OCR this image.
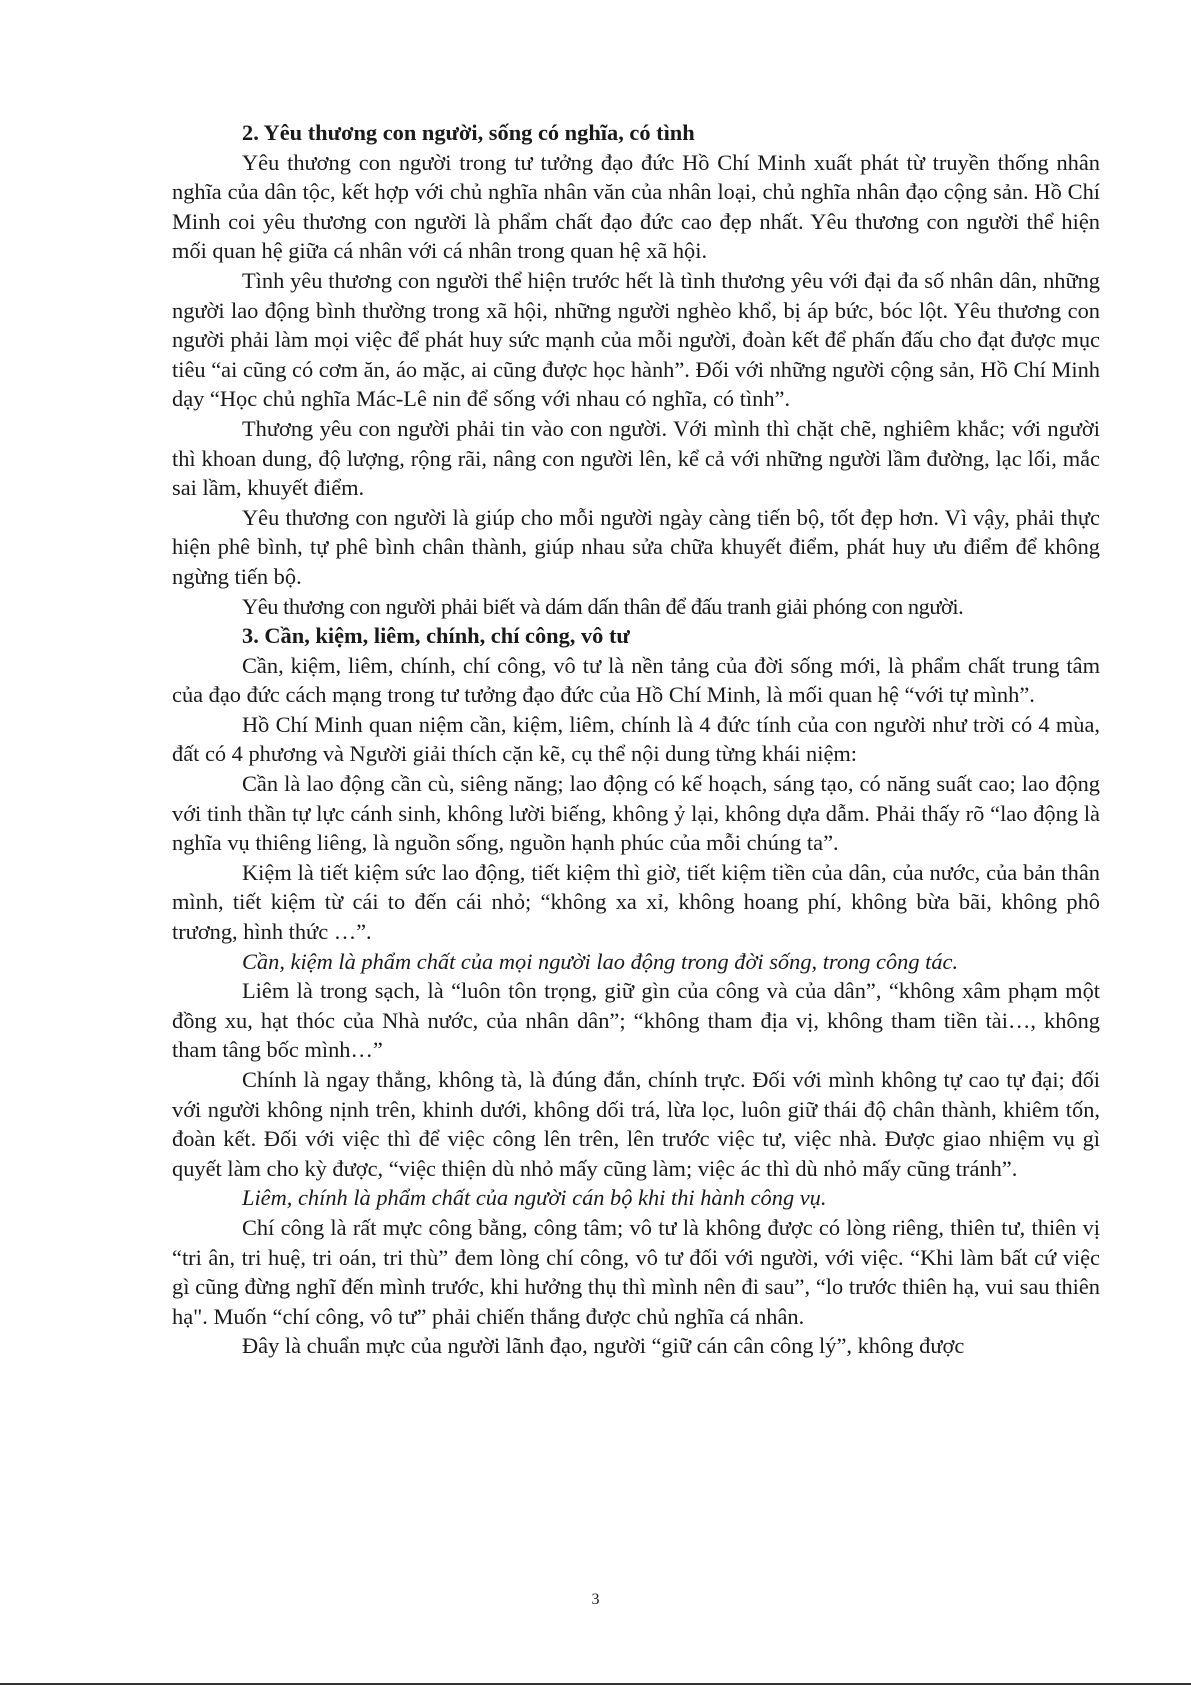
2. Yêu thương con người, sống có nghĩa, có tình

Yêu thương con người trong tư tưởng đạo đức Hồ Chí Minh xuất phát từ truyền thống nhân nghĩa của dân tộc, kết hợp với chủ nghĩa nhân văn của nhân loại, chủ nghĩa nhân đạo cộng sản. Hồ Chí Minh coi yêu thương con người là phẩm chất đạo đức cao đẹp nhất. Yêu thương con người thể hiện mối quan hệ giữa cá nhân với cá nhân trong quan hệ xã hội.

Tình yêu thương con người thể hiện trước hết là tình thương yêu với đại đa số nhân dân, những người lao động bình thường trong xã hội, những người nghèo khổ, bị áp bức, bóc lột. Yêu thương con người phải làm mọi việc để phát huy sức mạnh của mỗi người, đoàn kết để phấn đấu cho đạt được mục tiêu “ai cũng có cơm ăn, áo mặc, ai cũng được học hành”. Đối với những người cộng sản, Hồ Chí Minh dạy “Học chủ nghĩa Mác-Lê nin để sống với nhau có nghĩa, có tình”.

Thương yêu con người phải tin vào con người. Với mình thì chặt chẽ, nghiêm khắc; với người thì khoan dung, độ lượng, rộng rãi, nâng con người lên, kể cả với những người lầm đường, lạc lối, mắc sai lầm, khuyết điểm.

Yêu thương con người là giúp cho mỗi người ngày càng tiến bộ, tốt đẹp hơn. Vì vậy, phải thực hiện phê bình, tự phê bình chân thành, giúp nhau sửa chữa khuyết điểm, phát huy ưu điểm để không ngừng tiến bộ.

Yêu thương con người phải biết và dám dấn thân để đấu tranh giải phóng con người.

3. Cần, kiệm, liêm, chính, chí công, vô tư

Cần, kiệm, liêm, chính, chí công, vô tư là nền tảng của đời sống mới, là phẩm chất trung tâm của đạo đức cách mạng trong tư tưởng đạo đức của Hồ Chí Minh, là mối quan hệ “với tự mình”.

Hồ Chí Minh quan niệm cần, kiệm, liêm, chính là 4 đức tính của con người như trời có 4 mùa, đất có 4 phương và Người giải thích cặn kẽ, cụ thể nội dung từng khái niệm:

Cần là lao động cần cù, siêng năng; lao động có kế hoạch, sáng tạo, có năng suất cao; lao động với tinh thần tự lực cánh sinh, không lười biếng, không ỷ lại, không dựa dẫm. Phải thấy rõ “lao động là nghĩa vụ thiêng liêng, là nguồn sống, nguồn hạnh phúc của mỗi chúng ta”.

Kiệm là tiết kiệm sức lao động, tiết kiệm thì giờ, tiết kiệm tiền của dân, của nước, của bản thân mình, tiết kiệm từ cái to đến cái nhỏ; “không xa xỉ, không hoang phí, không bừa bãi, không phô trương, hình thức …”.

Cần, kiệm là phẩm chất của mọi người lao động trong đời sống, trong công tác.

Liêm là trong sạch, là “luôn tôn trọng, giữ gìn của công và của dân”, “không xâm phạm một đồng xu, hạt thóc của Nhà nước, của nhân dân”; “không tham địa vị, không tham tiền tài…, không tham tâng bốc mình…”

Chính là ngay thẳng, không tà, là đúng đắn, chính trực. Đối với mình không tự cao tự đại; đối với người không nịnh trên, khinh dưới, không dối trá, lừa lọc, luôn giữ thái độ chân thành, khiêm tốn, đoàn kết. Đối với việc thì để việc công lên trên, lên trước việc tư, việc nhà. Được giao nhiệm vụ gì quyết làm cho kỳ được, “việc thiện dù nhỏ mấy cũng làm; việc ác thì dù nhỏ mấy cũng tránh”.

Liêm, chính là phẩm chất của người cán bộ khi thi hành công vụ.

Chí công là rất mực công bằng, công tâm; vô tư là không được có lòng riêng, thiên tư, thiên vị “tri ân, tri huệ, tri oán, tri thù” đem lòng chí công, vô tư đối với người, với việc. “Khi làm bất cứ việc gì cũng đừng nghĩ đến mình trước, khi hưởng thụ thì mình nên đi sau”, “lo trước thiên hạ, vui sau thiên hạ". Muốn “chí công, vô tư” phải chiến thắng được chủ nghĩa cá nhân.

Đây là chuẩn mực của người lãnh đạo, người “giữ cán cân công lý”, không được

3
